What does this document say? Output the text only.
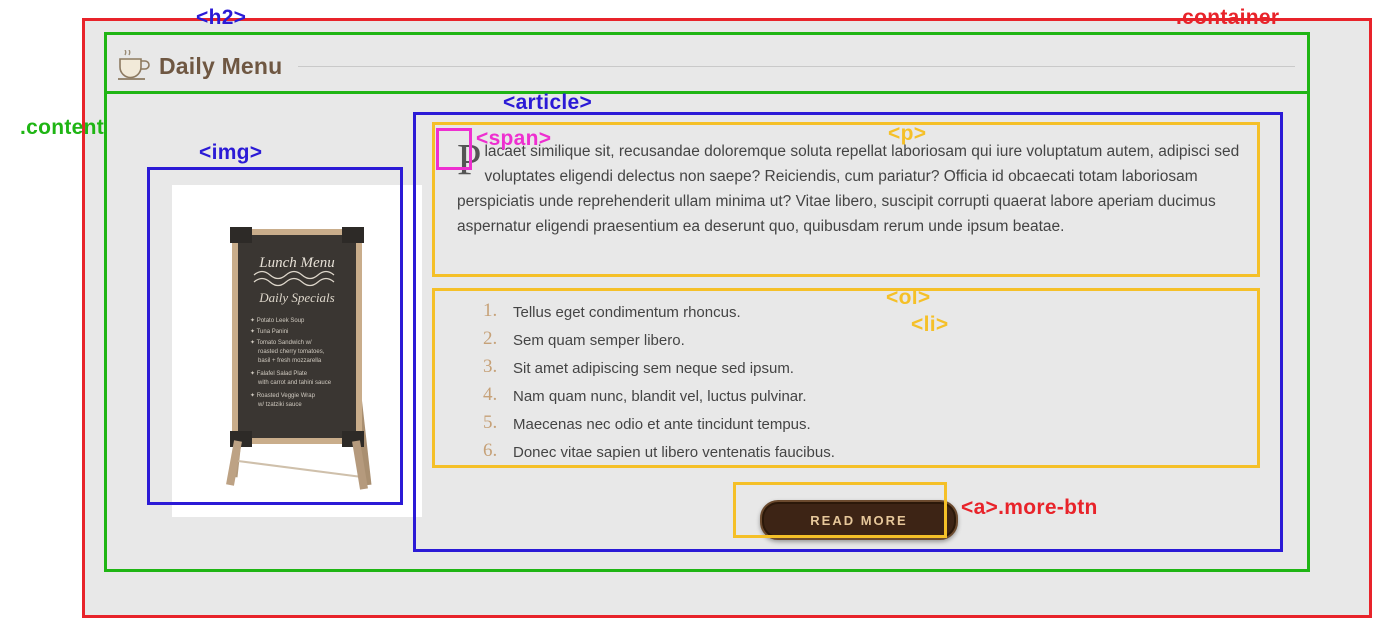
Daily Menu
Lunch Menu
Daily Specials
✦ Potato Leek Soup
✦ Tuna Panini
✦ Tomato Sandwich w/
roasted cherry tomatoes,
basil + fresh mozzarella
✦ Falafel Salad Plate
with carrot and tahini sauce
✦ Roasted Veggie Wrap
w/ tzatziki sauce
Placaet similique sit, recusandae doloremque soluta repellat laboriosam qui iure voluptatum autem, adipisci sed voluptates eligendi delectus non saepe? Reiciendis, cum pariatur? Officia id obcaecati totam laboriosam perspiciatis unde reprehenderit ullam minima ut? Vitae libero, suscipit corrupti quaerat labore aperiam ducimus aspernatur eligendi praesentium ea deserunt quo, quibusdam rerum unde ipsum beatae.
Tellus eget condimentum rhoncus.
Sem quam semper libero.
Sit amet adipiscing sem neque sed ipsum.
Nam quam nunc, blandit vel, luctus pulvinar.
Maecenas nec odio et ante tincidunt tempus.
Donec vitae sapien ut libero ventenatis faucibus.
READ MORE
.container
.content
<h2>
<article>
<img>
<p>
<span>
<ol>
<li>
<a>.more-btn
